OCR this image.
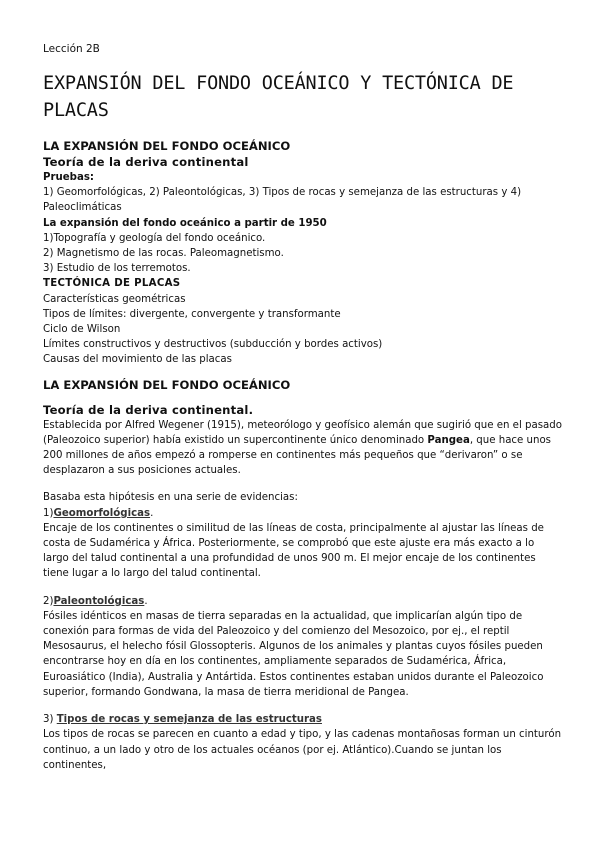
Lección 2B
EXPANSIÓN DEL FONDO OCEÁNICO Y TECTÓNICA DE PLACAS

LA EXPANSIÓN DEL FONDO OCEÁNICO

Teoría de la deriva continental

Pruebas:

1) Geomorfológicas, 2) Paleontológicas, 3) Tipos de rocas y semejanza de las estructuras y 4) Paleoclimáticas

La expansión del fondo oceánico a partir de 1950

1)Topografía y geología del fondo oceánico.

2) Magnetismo de las rocas. Paleomagnetismo.

3) Estudio de los terremotos.

TECTÓNICA DE PLACAS

Características geométricas

Tipos de límites: divergente, convergente y transformante

Ciclo de Wilson

Límites constructivos y destructivos (subducción y bordes activos)

Causas del movimiento de las placas

LA EXPANSIÓN DEL FONDO OCEÁNICO

Teoría de la deriva continental.

Establecida por Alfred Wegener (1915), meteorólogo y geofísico alemán que sugirió que en el pasado (Paleozoico superior) había existido un supercontinente único denominado Pangea, que hace unos 200 millones de años empezó a romperse en continentes más pequeños que “derivaron” o se desplazaron a sus posiciones actuales.

Basaba esta hipótesis en una serie de evidencias:

1)Geomorfológicas.

Encaje de los continentes o similitud de las líneas de costa, principalmente al ajustar las líneas de costa de Sudamérica y África. Posteriormente, se comprobó que este ajuste era más exacto a lo largo del talud continental a una profundidad de unos 900 m. El mejor encaje de los continentes tiene lugar a lo largo del talud continental.

2)Paleontológicas.

Fósiles idénticos en masas de tierra separadas en la actualidad, que implicarían algún tipo de conexión para formas de vida del Paleozoico y del comienzo del Mesozoico, por ej., el reptil Mesosaurus, el helecho fósil Glossopteris. Algunos de los animales y plantas cuyos fósiles pueden encontrarse hoy en día en los continentes, ampliamente separados de Sudamérica, África, Euroasiático (India), Australia y Antártida. Estos continentes estaban unidos durante el Paleozoico superior, formando Gondwana, la masa de tierra meridional de Pangea.

3) Tipos de rocas y semejanza de las estructuras

Los tipos de rocas se parecen en cuanto a edad y tipo, y las cadenas montañosas forman un cinturón continuo, a un lado y otro de los actuales océanos (por ej. Atlántico).Cuando se juntan los continentes,
